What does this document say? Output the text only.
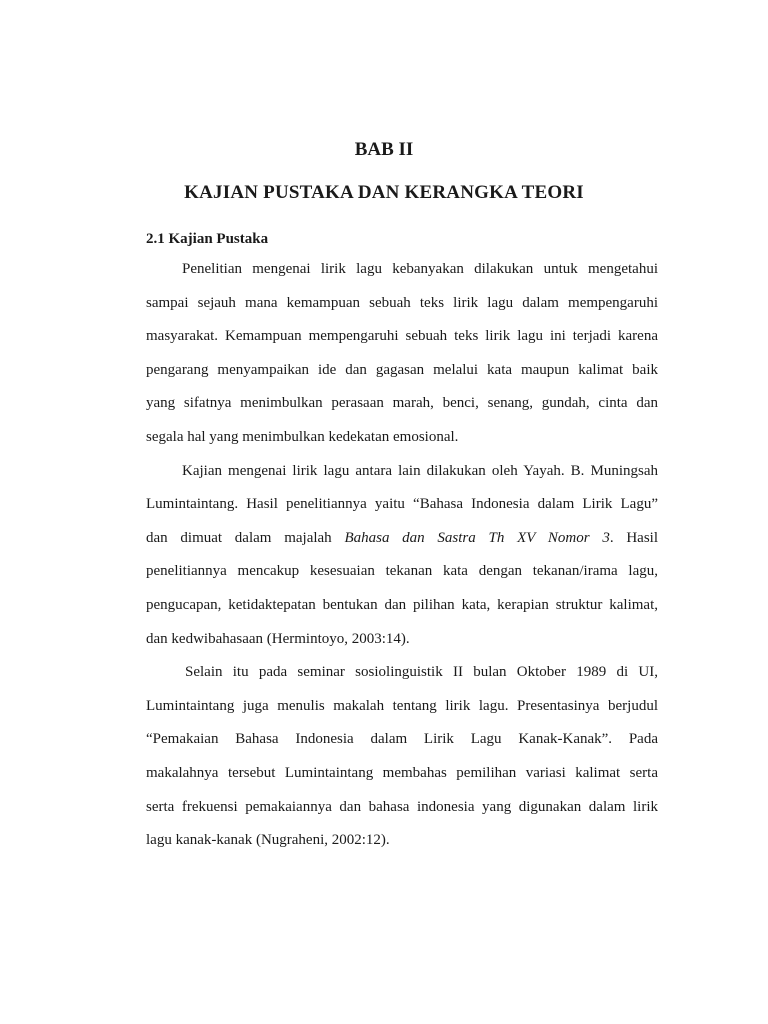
BAB II
KAJIAN PUSTAKA DAN KERANGKA TEORI
2.1 Kajian Pustaka

Penelitian mengenai lirik lagu kebanyakan dilakukan untuk mengetahui
sampai sejauh mana kemampuan sebuah teks lirik lagu dalam mempengaruhi
masyarakat. Kemampuan mempengaruhi sebuah teks lirik lagu ini terjadi karena
pengarang menyampaikan ide dan gagasan melalui kata maupun kalimat baik
yang sifatnya menimbulkan perasaan marah, benci, senang, gundah, cinta dan
segala hal yang menimbulkan kedekatan emosional.

Kajian mengenai lirik lagu antara lain dilakukan oleh Yayah. B. Muningsah
Lumintaintang. Hasil penelitiannya yaitu “Bahasa Indonesia dalam Lirik Lagu”
dan dimuat dalam majalah Bahasa dan Sastra Th XV Nomor 3. Hasil
penelitiannya mencakup kesesuaian tekanan kata dengan tekanan/irama lagu,
pengucapan, ketidaktepatan bentukan dan pilihan kata, kerapian struktur kalimat,
dan kedwibahasaan (Hermintoyo, 2003:14).

Selain itu pada seminar sosiolinguistik II bulan Oktober 1989 di UI,
Lumintaintang juga menulis makalah tentang lirik lagu. Presentasinya berjudul
“Pemakaian Bahasa Indonesia dalam Lirik Lagu Kanak-Kanak”. Pada
makalahnya tersebut Lumintaintang membahas pemilihan variasi kalimat serta
serta frekuensi pemakaiannya dan bahasa indonesia yang digunakan dalam lirik
lagu kanak-kanak (Nugraheni, 2002:12).
